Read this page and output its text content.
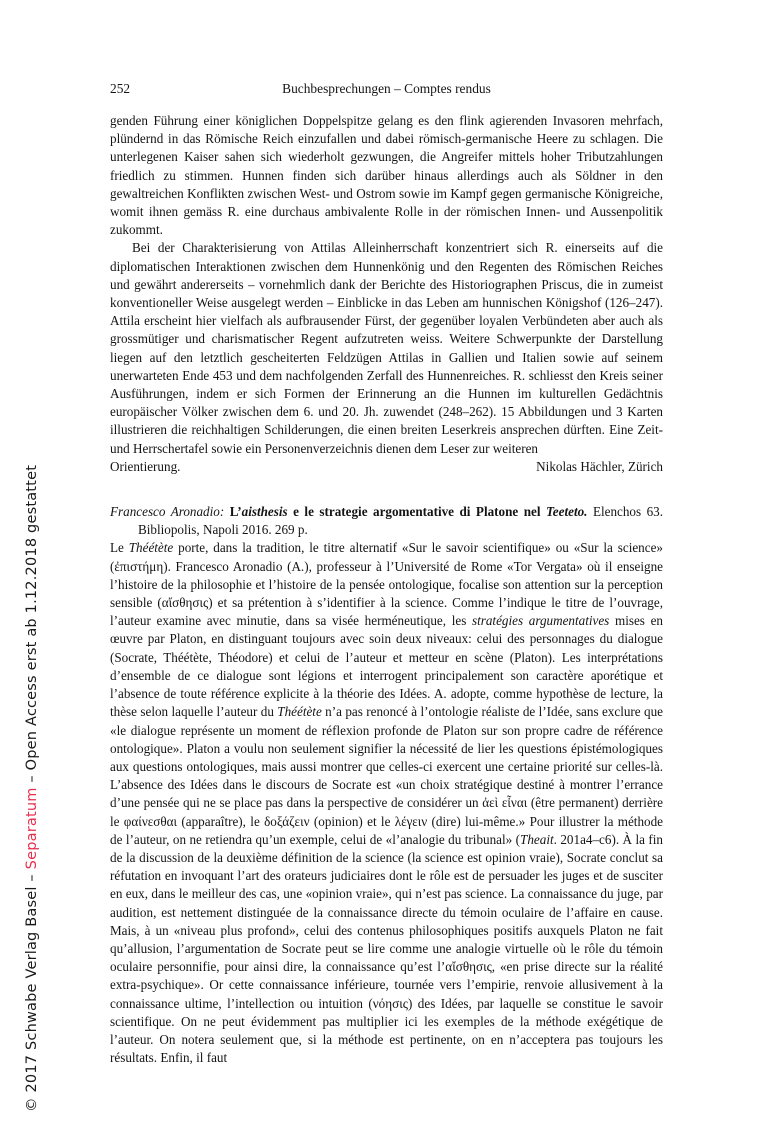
© 2017 Schwabe Verlag Basel – Separatum – Open Access erst ab 1.12.2018 gestattet
252	Buchbesprechungen – Comptes rendus

genden Führung einer königlichen Doppelspitze gelang es den flink agierenden Invasoren mehrfach, plündernd in das Römische Reich einzufallen und dabei römisch-germanische Heere zu schlagen. Die unterlegenen Kaiser sahen sich wiederholt gezwungen, die Angreifer mittels hoher Tributzahlungen friedlich zu stimmen. Hunnen finden sich darüber hinaus allerdings auch als Söldner in den gewaltreichen Konflikten zwischen West- und Ostrom sowie im Kampf gegen germanische Königreiche, womit ihnen gemäss R. eine durchaus ambivalente Rolle in der römischen Innen- und Aussenpolitik zukommt.

Bei der Charakterisierung von Attilas Alleinherrschaft konzentriert sich R. einerseits auf die diplomatischen Interaktionen zwischen dem Hunnenkönig und den Regenten des Römischen Reiches und gewährt andererseits – vornehmlich dank der Berichte des Historiographen Priscus, die in zumeist konventioneller Weise ausgelegt werden – Einblicke in das Leben am hunnischen Königshof (126–247). Attila erscheint hier vielfach als aufbrausender Fürst, der gegenüber loyalen Verbündeten aber auch als grossmütiger und charismatischer Regent aufzutreten weiss. Weitere Schwerpunkte der Darstellung liegen auf den letztlich gescheiterten Feldzügen Attilas in Gallien und Italien sowie auf seinem unerwarteten Ende 453 und dem nachfolgenden Zerfall des Hunnenreiches. R. schliesst den Kreis seiner Ausführungen, indem er sich Formen der Erinnerung an die Hunnen im kulturellen Gedächtnis europäischer Völker zwischen dem 6. und 20. Jh. zuwendet (248–262). 15 Abbildungen und 3 Karten illustrieren die reichhaltigen Schilderungen, die einen breiten Leserkreis ansprechen dürften. Eine Zeit- und Herrschertafel sowie ein Personenverzeichnis dienen dem Leser zur weiteren

Orientierung.	Nikolas Hächler, Zürich
Francesco Aronadio: L’aisthesis e le strategie argomentative di Platone nel Teeteto. Elenchos 63. Bibliopolis, Napoli 2016. 269 p.

Le Théétète porte, dans la tradition, le titre alternatif «Sur le savoir scientifique» ou «Sur la science» (ἐπιστήμη). Francesco Aronadio (A.), professeur à l’Université de Rome «Tor Vergata» où il enseigne l’histoire de la philosophie et l’histoire de la pensée ontologique, focalise son attention sur la perception sensible (αἴσθησις) et sa prétention à s’identifier à la science. Comme l’indique le titre de l’ouvrage, l’auteur examine avec minutie, dans sa visée herméneutique, les stratégies argumentatives mises en œuvre par Platon, en distinguant toujours avec soin deux niveaux: celui des personnages du dialogue (Socrate, Théétète, Théodore) et celui de l’auteur et metteur en scène (Platon). Les interprétations d’ensemble de ce dialogue sont légions et interrogent principalement son caractère aporétique et l’absence de toute référence explicite à la théorie des Idées. A. adopte, comme hypothèse de lecture, la thèse selon laquelle l’auteur du Théétète n’a pas renoncé à l’ontologie réaliste de l’Idée, sans exclure que «le dialogue représente un moment de réflexion profonde de Platon sur son propre cadre de référence ontologique». Platon a voulu non seulement signifier la nécessité de lier les questions épistémologiques aux questions ontologiques, mais aussi montrer que celles-ci exercent une certaine priorité sur celles-là. L’absence des Idées dans le discours de Socrate est «un choix stratégique destiné à montrer l’errance d’une pensée qui ne se place pas dans la perspective de considérer un ἀεὶ εἶναι (être permanent) derrière le φαίνεσθαι (apparaître), le δοξάζειν (opinion) et le λέγειν (dire) lui-même.» Pour illustrer la méthode de l’auteur, on ne retiendra qu’un exemple, celui de «l’analogie du tribunal» (Theait. 201a4–c6). À la fin de la discussion de la deuxième définition de la science (la science est opinion vraie), Socrate conclut sa réfutation en invoquant l’art des orateurs judiciaires dont le rôle est de persuader les juges et de susciter en eux, dans le meilleur des cas, une «opinion vraie», qui n’est pas science. La connaissance du juge, par audition, est nettement distinguée de la connaissance directe du témoin oculaire de l’affaire en cause. Mais, à un «niveau plus profond», celui des contenus philosophiques positifs auxquels Platon ne fait qu’allusion, l’argumentation de Socrate peut se lire comme une analogie virtuelle où le rôle du témoin oculaire personnifie, pour ainsi dire, la connaissance qu’est l’αἴσθησις, «en prise directe sur la réalité extra-psychique». Or cette connaissance inférieure, tournée vers l’empirie, renvoie allusivement à la connaissance ultime, l’intellection ou intuition (νόησις) des Idées, par laquelle se constitue le savoir scientifique. On ne peut évidemment pas multiplier ici les exemples de la méthode exégétique de l’auteur. On notera seulement que, si la méthode est pertinente, on en n’acceptera pas toujours les résultats. Enfin, il faut
